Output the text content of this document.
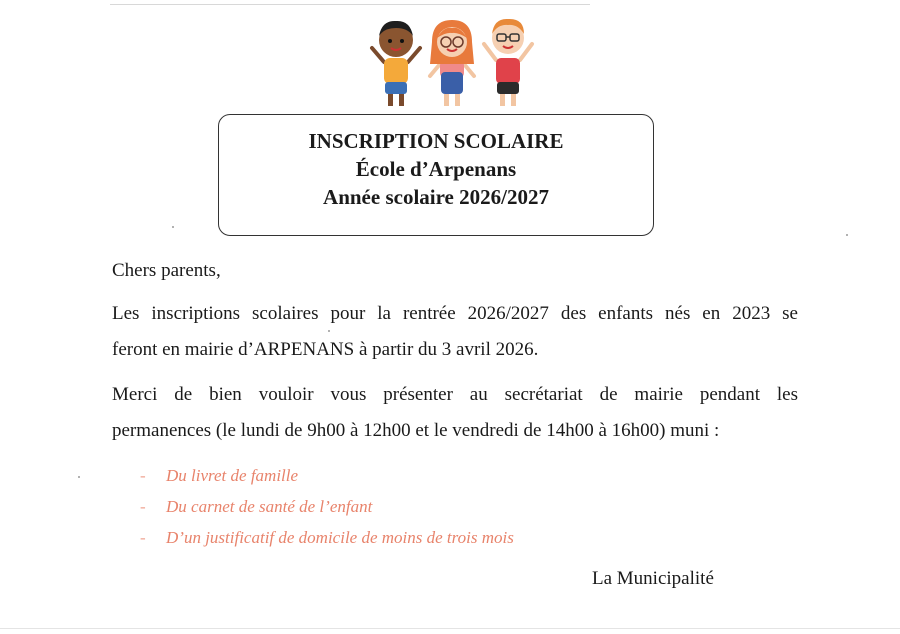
INSCRIPTION SCOLAIRE
École d’Arpenans
Année scolaire 2026/2027
Chers parents,
Les inscriptions scolaires pour la rentrée 2026/2027 des enfants nés en 2023 se
feront en mairie d’ARPENANS à partir du 3 avril 2026.
Merci de bien vouloir vous présenter au secrétariat de mairie pendant les
permanences (le lundi de 9h00 à 12h00 et le vendredi de 14h00 à 16h00) muni :
- Du livret de famille
- Du carnet de santé de l’enfant
- D’un justificatif de domicile de moins de trois mois
La Municipalité
